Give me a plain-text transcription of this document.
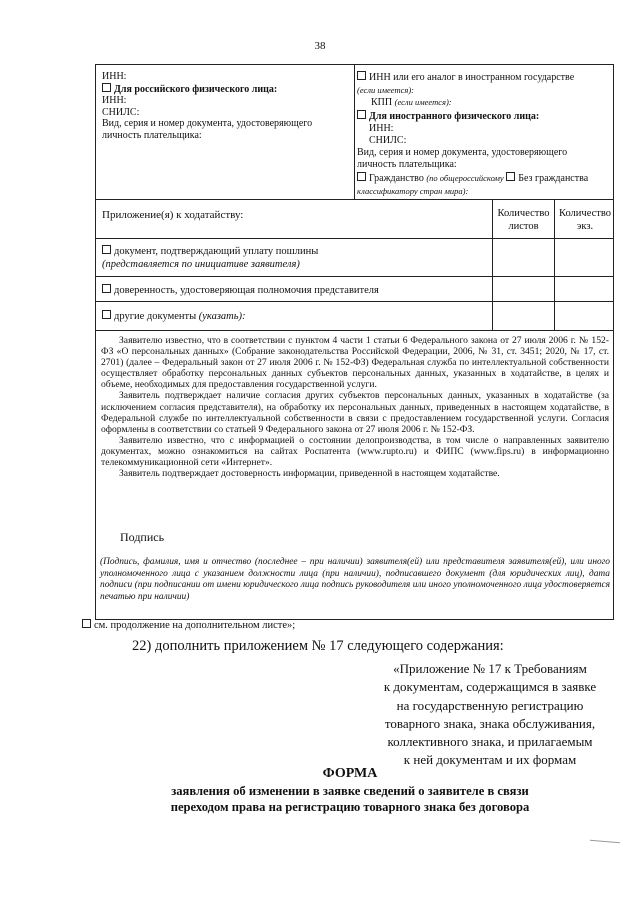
38
ИНН:
Для российского физического лица:
ИНН:
СНИЛС:
Вид, серия и номер документа, удостоверяющего
личность плательщика:
ИНН или его аналог в иностранном государстве
(если имеется):
КПП (если имеется):
Для иностранного физического лица:
ИНН:
СНИЛС:
Вид, серия и номер документа, удостоверяющего
личность плательщика:
Гражданство (по общероссийскому Без гражданства
классификатору стран мира):
Приложение(я) к ходатайству:	Количество листов
Количество экз.
документ, подтверждающий уплату пошлины
(представляется по инициативе заявителя)
доверенность, удостоверяющая полномочия представителя
другие документы (указать):

Заявителю известно, что в соответствии с пунктом 4 части 1 статьи 6 Федерального закона от 27 июля 2006 г. № 152-ФЗ «О персональных данных» (Собрание законодательства Российской Федерации, 2006, № 31, ст. 3451; 2020, № 17, ст. 2701) (далее – Федеральный закон от 27 июля 2006 г. № 152-ФЗ) Федеральная служба по интеллектуальной собственности осуществляет обработку персональных данных субъектов персональных данных, указанных в ходатайстве, в целях и объеме, необходимых для предоставления государственной услуги.

Заявитель подтверждает наличие согласия других субъектов персональных данных, указанных в ходатайстве (за исключением согласия представителя), на обработку их персональных данных, приведенных в настоящем ходатайстве, в Федеральной службе по интеллектуальной собственности в связи с предоставлением государственной услуги. Согласия оформлены в соответствии со статьей 9 Федерального закона от 27 июля 2006 г. № 152-ФЗ.

Заявителю известно, что с информацией о состоянии делопроизводства, в том числе о направленных заявителю документах, можно ознакомиться на сайтах Роспатента (www.rupto.ru) и ФИПС (www.fips.ru) в информационно телекоммуникационной сети «Интернет».

Заявитель подтверждает достоверность информации, приведенной в настоящем ходатайстве.

Подпись
(Подпись, фамилия, имя и отчество (последнее – при наличии) заявителя(ей) или представителя заявителя(ей), или иного уполномоченного лица с указанием должности лица (при наличии), подписавшего документ (для юридических лиц), дата подписи (при подписании от имени юридического лица подпись руководителя или иного уполномоченного лица удостоверяется печатью при наличии)
см. продолжение на дополнительном листе»;
22) дополнить приложением № 17 следующего содержания:
«Приложение № 17 к Требованиям
к документам, содержащимся в заявке
на государственную регистрацию
товарного знака, знака обслуживания,
коллективного знака, и прилагаемым
к ней документам и их формам
ФОРМА
заявления об изменении в заявке сведений о заявителе в связи
переходом права на регистрацию товарного знака без договора
